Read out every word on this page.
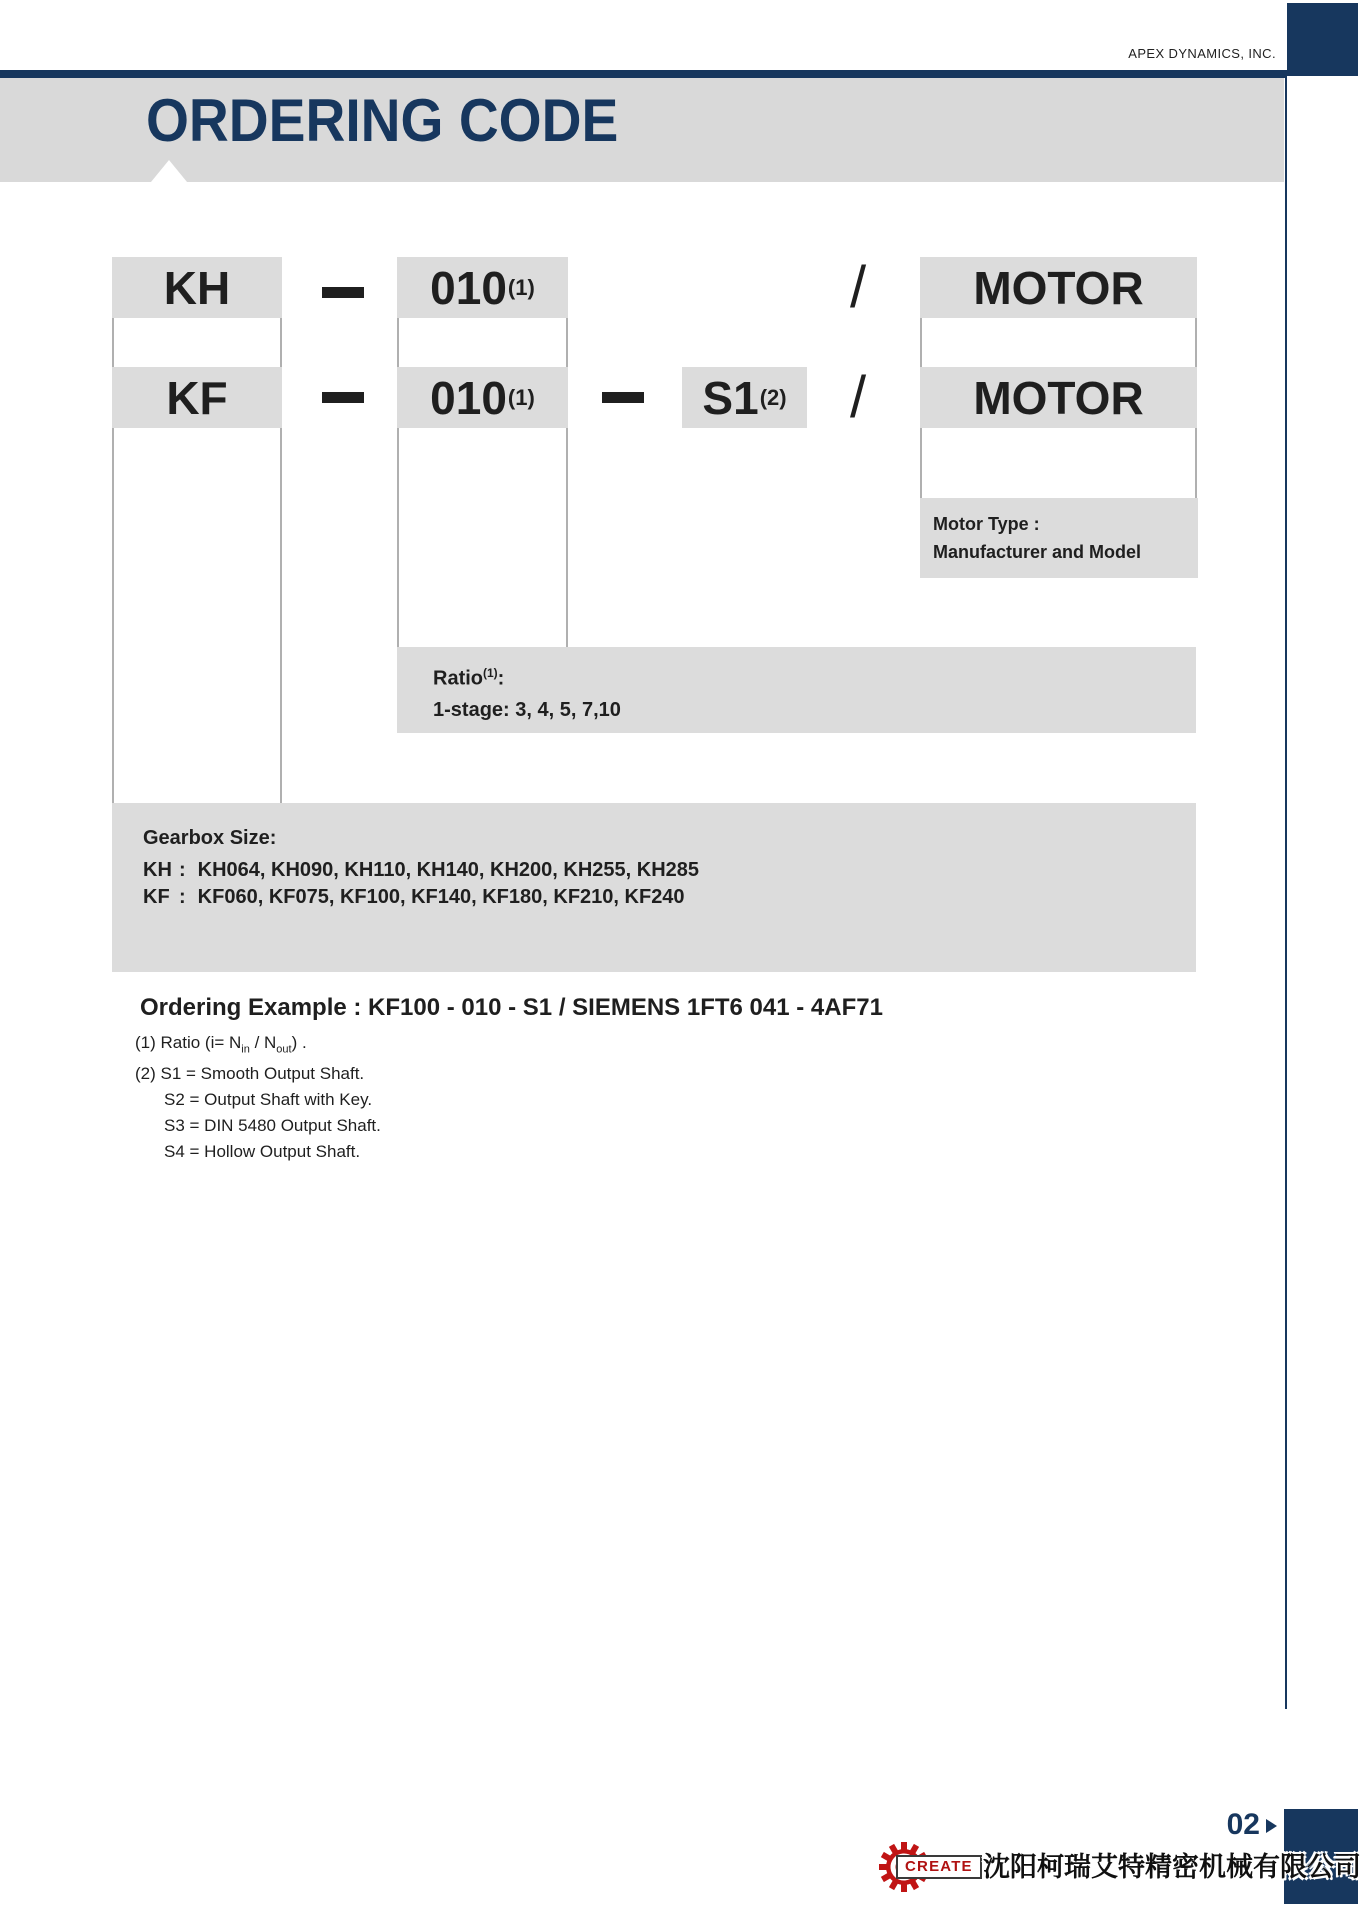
APEX DYNAMICS, INC.
ORDERING CODE
KH	010 (1)	/ MOTOR
KF	010 (1)	S1 (2) / MOTOR
Motor Type :
Manufacturer and Model
Ratio$^{(1)}$:
1-stage: 3, 4, 5, 7,10
Gearbox Size:
KH : KH064, KH090, KH110, KH140, KH200, KH255, KH285
KF : KF060, KF075, KF100, KF140, KF180, KF210, KF240
Ordering Example : KF100 - 010 - S1 / SIEMENS 1FT6 041 - 4AF71
(1) Ratio $(i= N_{in} / N_{out})$ .
(2) S1 = Smooth Output Shaft.
S2 = Output Shaft with Key.
S3 = DIN 5480 Output Shaft.
S4 = Hollow Output Shaft.
02
CREATE 沈阳柯瑞艾特精密机械有限公司
